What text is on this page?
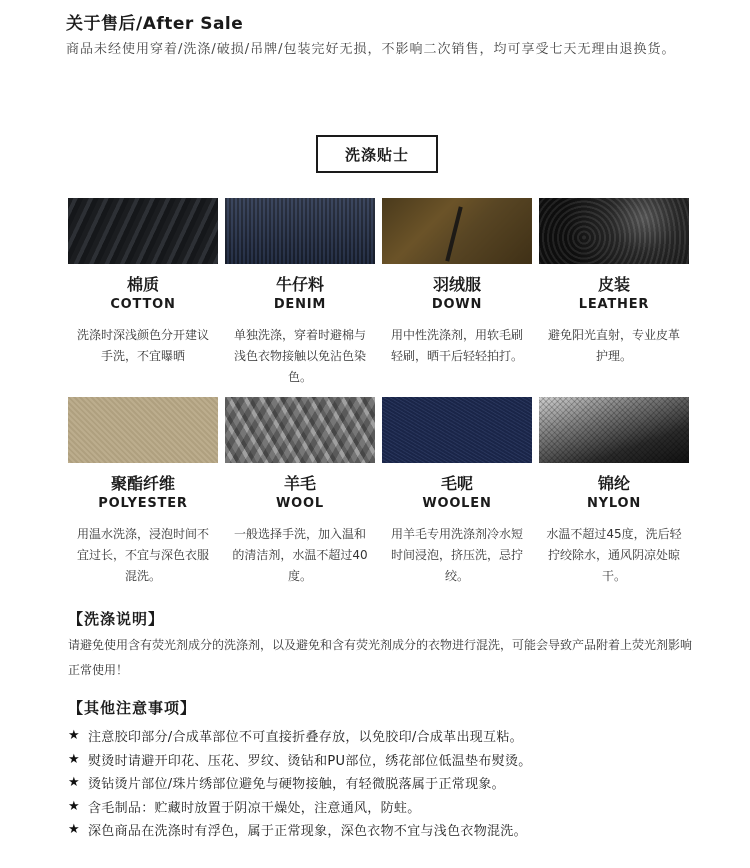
关于售后/After Sale
商品未经使用穿着/洗涤/破损/吊牌/包装完好无损，不影响二次销售，均可享受七天无理由退换货。
洗涤贴士
棉质
COTTON
洗涤时深浅颜色分开建议手洗，不宜曝晒
牛仔料
DENIM
单独洗涤，穿着时避棉与浅色衣物接触以免沾色染色。
羽绒服
DOWN
用中性洗涤剂，用软毛刷轻刷，晒干后轻轻拍打。
皮装
LEATHER
避免阳光直射，专业皮革护理。
聚酯纤维
POLYESTER
用温水洗涤，浸泡时间不宜过长，不宜与深色衣服混洗。
羊毛
WOOL
一般选择手洗，加入温和的清洁剂，水温不超过40度。
毛呢
WOOLEN
用羊毛专用洗涤剂冷水短时间浸泡，挤压洗，忌拧绞。
锦纶
NYLON
水温不超过45度，洗后轻拧绞除水，通风阴凉处晾干。
【洗涤说明】
请避免使用含有荧光剂成分的洗涤剂，以及避免和含有荧光剂成分的衣物进行混洗，可能会导致产品附着上荧光剂影响正常使用！
【其他注意事项】
★ 注意胶印部分/合成革部位不可直接折叠存放，以免胶印/合成革出现互粘。
★ 熨烫时请避开印花、压花、罗纹、烫钻和PU部位，绣花部位低温垫布熨烫。
★ 烫钻烫片部位/珠片绣部位避免与硬物接触，有轻微脱落属于正常现象。
★ 含毛制品：贮藏时放置于阴凉干燥处，注意通风，防蛀。
★ 深色商品在洗涤时有浮色，属于正常现象，深色衣物不宜与浅色衣物混洗。
